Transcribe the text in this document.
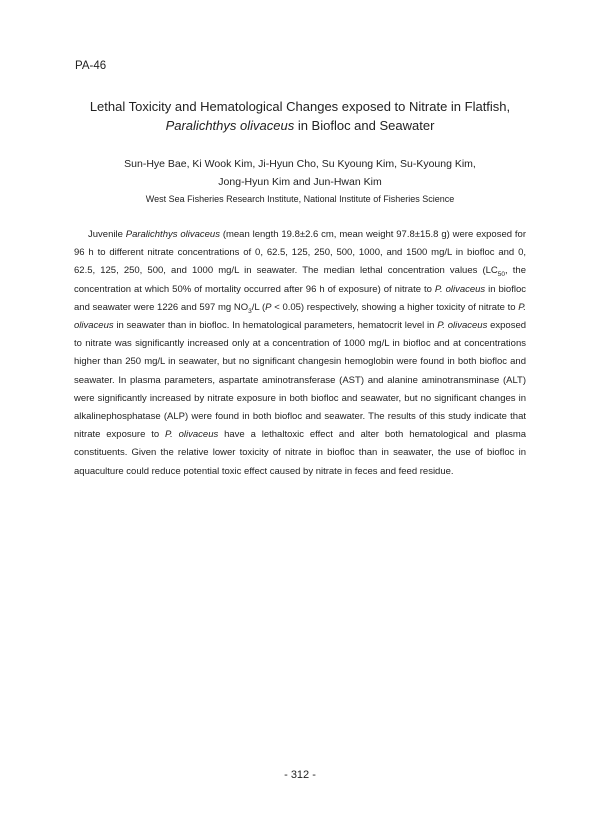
PA-46
Lethal Toxicity and Hematological Changes exposed to Nitrate in Flatfish,
Paralichthys olivaceus in Biofloc and Seawater
Sun-Hye Bae, Ki Wook Kim, Ji-Hyun Cho, Su Kyoung Kim, Su-Kyoung Kim,
Jong-Hyun Kim and Jun-Hwan Kim
West Sea Fisheries Research Institute, National Institute of Fisheries Science

Juvenile Paralichthys olivaceus (mean length 19.8±2.6 cm, mean weight 97.8±15.8 g) were exposed for 96 h to different nitrate concentrations of 0, 62.5, 125, 250, 500, 1000, and 1500 mg/L in biofloc and 0, 62.5, 125, 250, 500, and 1000 mg/L in seawater. The median lethal concentration values ($LC_{50}$, the concentration at which 50% of mortality occurred after 96 h of exposure) of nitrate to P. olivaceus in biofloc and seawater were 1226 and 597 mg $NO_3/L$ (P < 0.05) respectively, showing a higher toxicity of nitrate to P. olivaceus in seawater than in biofloc. In hematological parameters, hematocrit level in P. olivaceus exposed to nitrate was significantly increased only at a concentration of 1000 mg/L in biofloc and at concentrations higher than 250 mg/L in seawater, but no significant changesin hemoglobin were found in both biofloc and seawater. In plasma parameters, aspartate aminotransferase (AST) and alanine aminotransminase (ALT) were significantly increased by nitrate exposure in both biofloc and seawater, but no significant changes in alkalinephosphatase (ALP) were found in both biofloc and seawater. The results of this study indicate that nitrate exposure to P. olivaceus have a lethaltoxic effect and alter both hematological and plasma constituents. Given the relative lower toxicity of nitrate in biofloc than in seawater, the use of biofloc in aquaculture could reduce potential toxic effect caused by nitrate in feces and feed residue.

- 312 -
